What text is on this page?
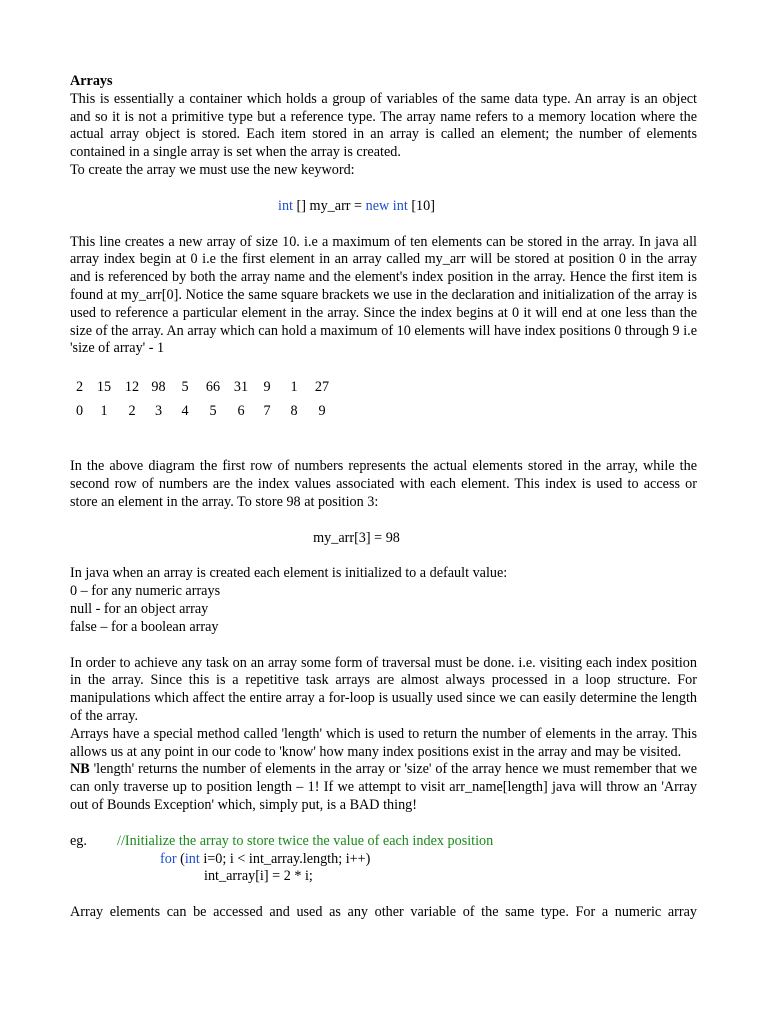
Arrays

This is essentially a container which holds a group of variables of the same data type. An array is an object and so it is not a primitive type but a reference type. The array name refers to a memory location where the actual array object is stored. Each item stored in an array is called an element; the number of elements contained in a single array is set when the array is created.

To create the array we must use the new keyword:

int [] my_arr = new int [10]

This line creates a new array of size 10. i.e a maximum of ten elements can be stored in the array. In java all array index begin at 0 i.e the first element in an array called my_arr will be stored at position 0 in the array and is referenced by both the array name and the element's index position in the array. Hence the first item is found at my_arr[0]. Notice the same square brackets we use in the declaration and initialization of the array is used to reference a particular element in the array. Since the index begins at 0 it will end at one less than the size of the array. An array which can hold a maximum of 10 elements will have index positions 0 through 9 i.e 'size of array' - 1

2	15	12	98	5	66	31	9	1	27
0	1	2	3	4	5	6	7	8	9

In the above diagram the first row of numbers represents the actual elements stored in the array, while the second row of numbers are the index values associated with each element. This index is used to access or store an element in the array. To store 98 at position 3:

my_arr[3] = 98

In java when an array is created each element is initialized to a default value:

0 – for any numeric arrays

null - for an object array

false – for a boolean array

In order to achieve any task on an array some form of traversal must be done. i.e. visiting each index position in the array. Since this is a repetitive task arrays are almost always processed in a loop structure. For manipulations which affect the entire array a for-loop is usually used since we can easily determine the length of the array.

Arrays have a special method called 'length' which is used to return the number of elements in the array. This allows us at any point in our code to 'know' how many index positions exist in the array and may be visited.

NB 'length' returns the number of elements in the array or 'size' of the array hence we must remember that we can only traverse up to position length – 1! If we attempt to visit arr_name[length] java will throw an 'Array out of Bounds Exception' which, simply put, is a BAD thing!

eg. //Initialize the array to store twice the value of each index position

for (int i=0; i < int_array.length; i++)

int_array[i] = 2 * i;

Array elements can be accessed and used as any other variable of the same type. For a numeric array
